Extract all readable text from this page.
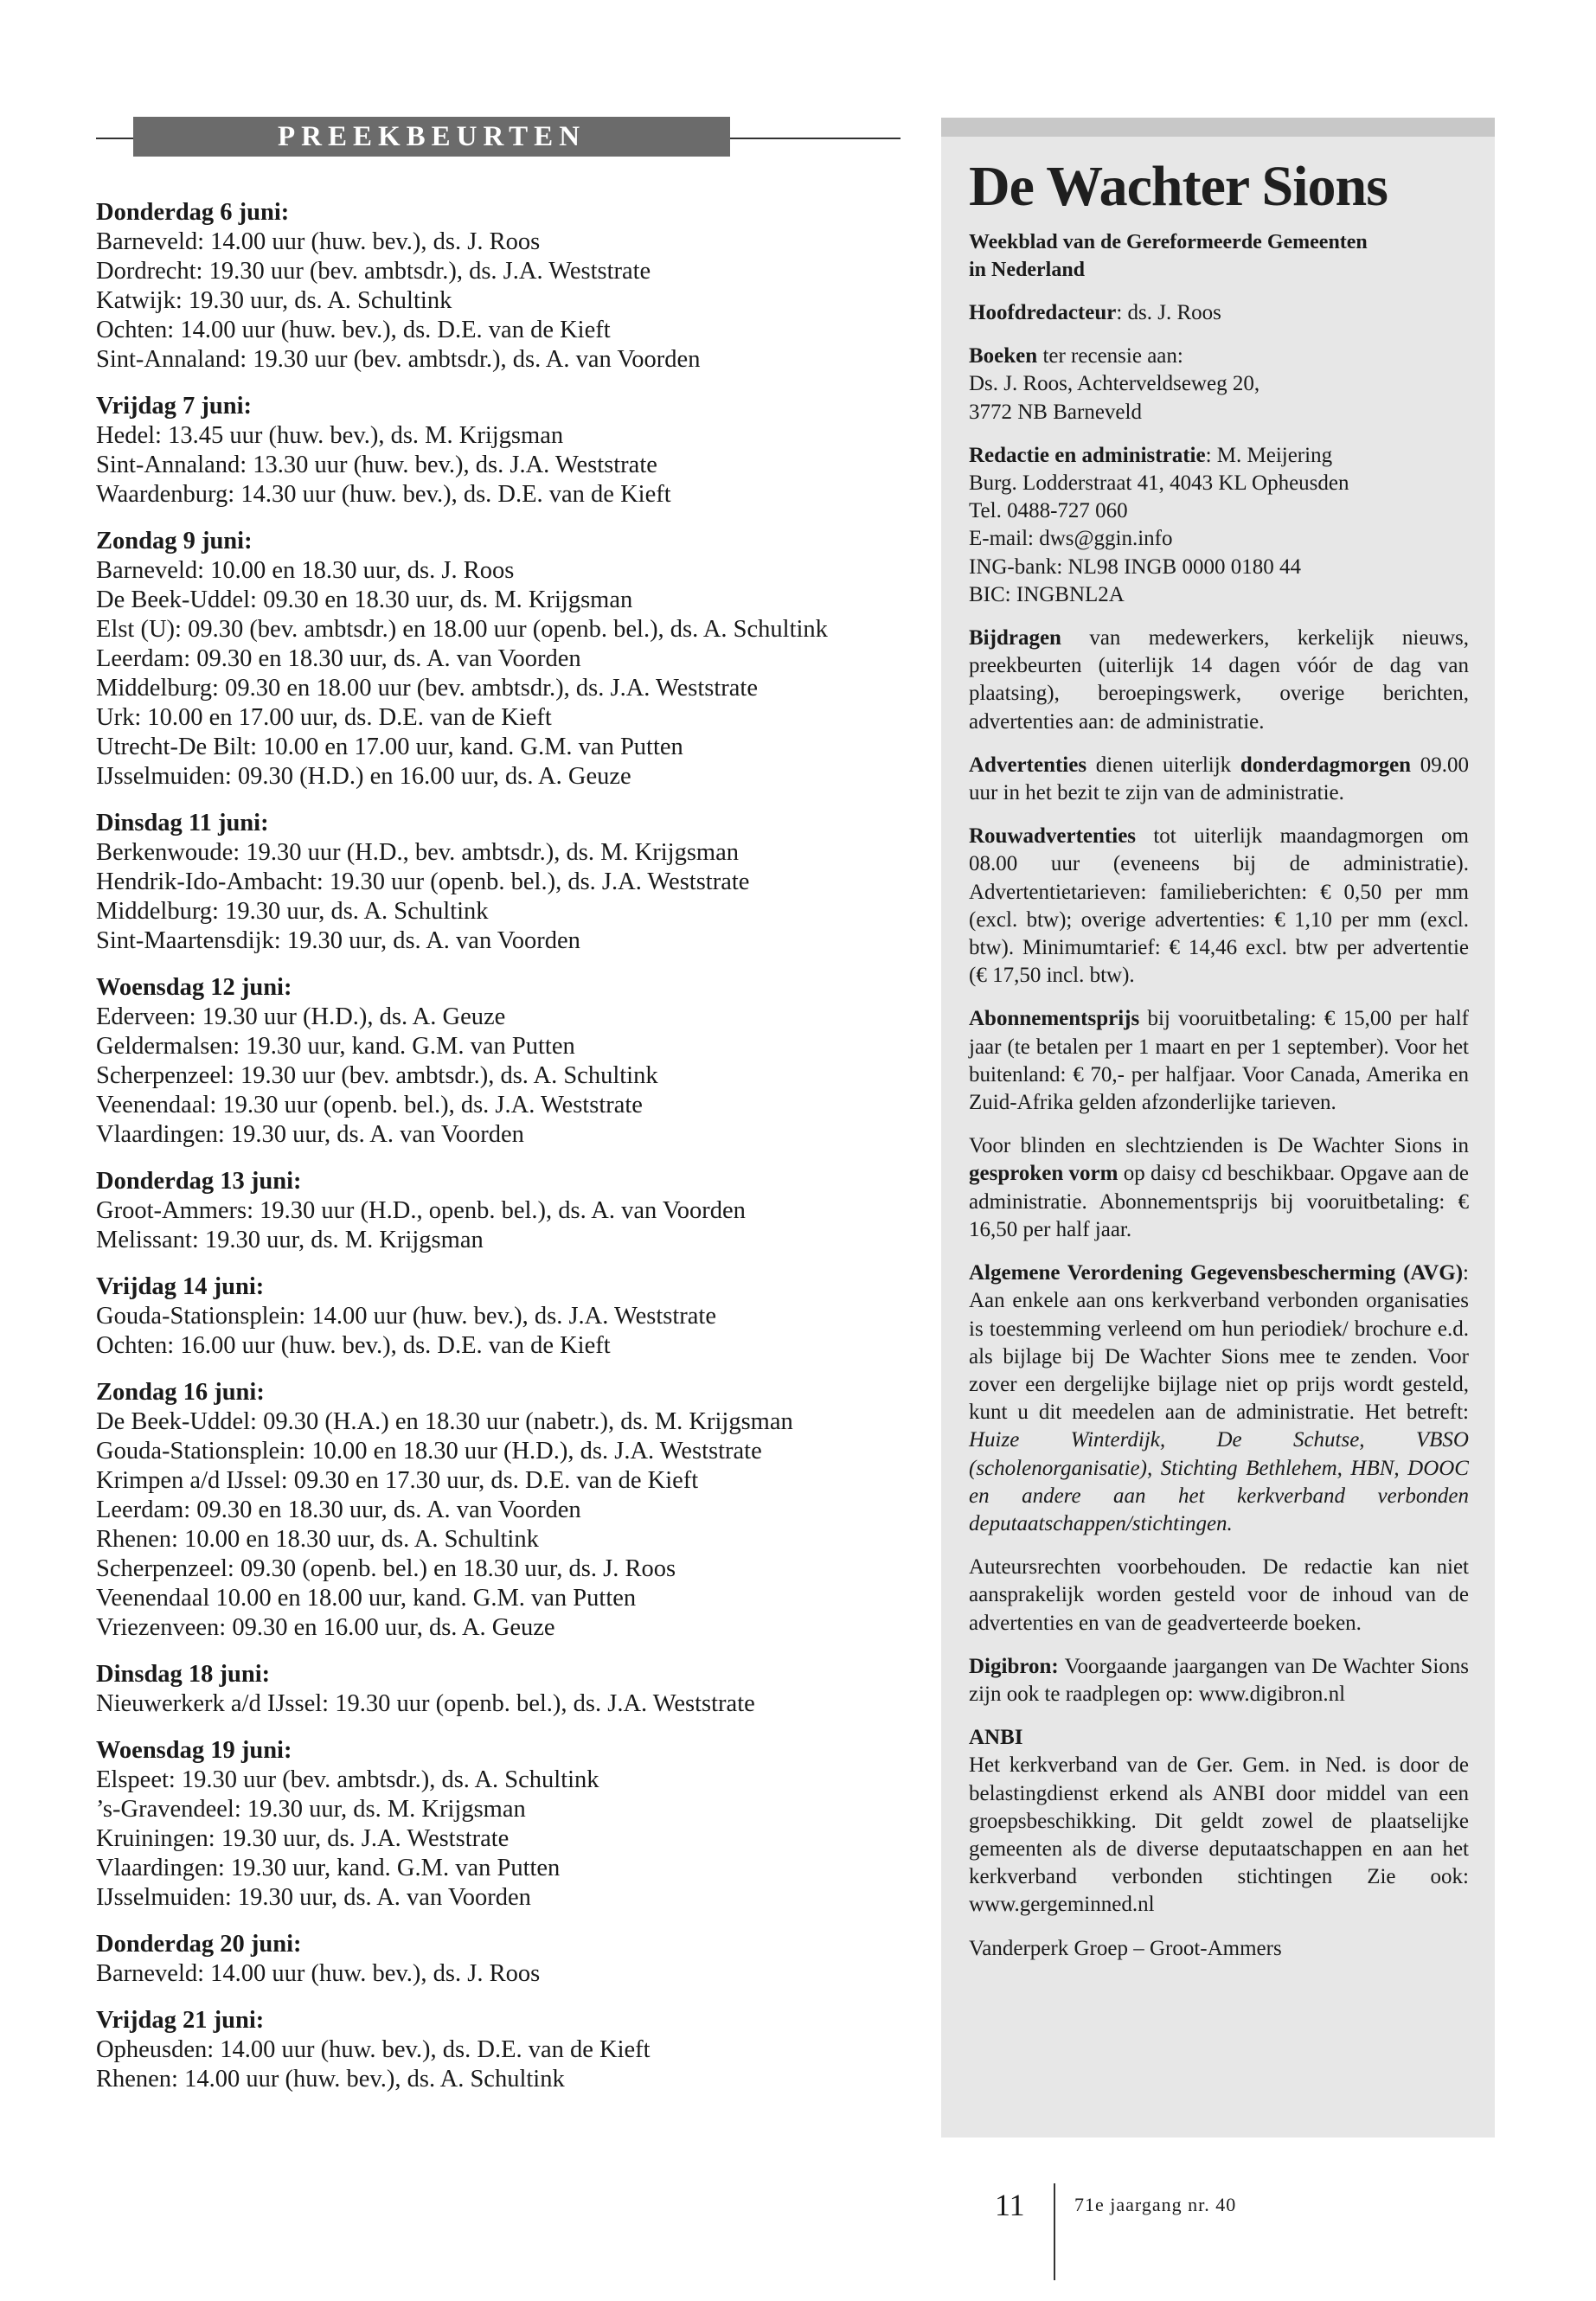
PREEKBEURTEN
Donderdag 6 juni:
Barneveld: 14.00 uur (huw. bev.), ds. J. Roos
Dordrecht: 19.30 uur (bev. ambtsdr.), ds. J.A. Weststrate
Katwijk: 19.30 uur, ds. A. Schultink
Ochten: 14.00 uur (huw. bev.), ds. D.E. van de Kieft
Sint-Annaland: 19.30 uur (bev. ambtsdr.), ds. A. van Voorden
Vrijdag 7 juni:
Hedel: 13.45 uur (huw. bev.), ds. M. Krijgsman
Sint-Annaland: 13.30 uur (huw. bev.), ds. J.A. Weststrate
Waardenburg: 14.30 uur (huw. bev.), ds. D.E. van de Kieft
Zondag 9 juni:
Barneveld: 10.00 en 18.30 uur, ds. J. Roos
De Beek-Uddel: 09.30 en 18.30 uur, ds. M. Krijgsman
Elst (U): 09.30 (bev. ambtsdr.) en 18.00 uur (openb. bel.), ds. A. Schultink
Leerdam: 09.30 en 18.30 uur, ds. A. van Voorden
Middelburg: 09.30 en 18.00 uur (bev. ambtsdr.), ds. J.A. Weststrate
Urk: 10.00 en 17.00 uur, ds. D.E. van de Kieft
Utrecht-De Bilt: 10.00 en 17.00 uur, kand. G.M. van Putten
IJsselmuiden: 09.30 (H.D.) en 16.00 uur, ds. A. Geuze
Dinsdag 11 juni:
Berkenwoude: 19.30 uur (H.D., bev. ambtsdr.), ds. M. Krijgsman
Hendrik-Ido-Ambacht: 19.30 uur (openb. bel.), ds. J.A. Weststrate
Middelburg: 19.30 uur, ds. A. Schultink
Sint-Maartensdijk: 19.30 uur, ds. A. van Voorden
Woensdag 12 juni:
Ederveen: 19.30 uur (H.D.), ds. A. Geuze
Geldermalsen: 19.30 uur, kand. G.M. van Putten
Scherpenzeel: 19.30 uur (bev. ambtsdr.), ds. A. Schultink
Veenendaal: 19.30 uur (openb. bel.), ds. J.A. Weststrate
Vlaardingen: 19.30 uur, ds. A. van Voorden
Donderdag 13 juni:
Groot-Ammers: 19.30 uur (H.D., openb. bel.), ds. A. van Voorden
Melissant: 19.30 uur, ds. M. Krijgsman
Vrijdag 14 juni:
Gouda-Stationsplein: 14.00 uur (huw. bev.), ds. J.A. Weststrate
Ochten: 16.00 uur (huw. bev.), ds. D.E. van de Kieft
Zondag 16 juni:
De Beek-Uddel: 09.30 (H.A.) en 18.30 uur (nabetr.), ds. M. Krijgsman
Gouda-Stationsplein: 10.00 en 18.30 uur (H.D.), ds. J.A. Weststrate
Krimpen a/d IJssel: 09.30 en 17.30 uur, ds. D.E. van de Kieft
Leerdam: 09.30 en 18.30 uur, ds. A. van Voorden
Rhenen: 10.00 en 18.30 uur, ds. A. Schultink
Scherpenzeel: 09.30 (openb. bel.) en 18.30 uur, ds. J. Roos
Veenendaal 10.00 en 18.00 uur, kand. G.M. van Putten
Vriezenveen: 09.30 en 16.00 uur, ds. A. Geuze
Dinsdag 18 juni:
Nieuwerkerk a/d IJssel: 19.30 uur (openb. bel.), ds. J.A. Weststrate
Woensdag 19 juni:
Elspeet: 19.30 uur (bev. ambtsdr.), ds. A. Schultink
’s-Gravendeel: 19.30 uur, ds. M. Krijgsman
Kruiningen: 19.30 uur, ds. J.A. Weststrate
Vlaardingen: 19.30 uur, kand. G.M. van Putten
IJsselmuiden: 19.30 uur, ds. A. van Voorden
Donderdag 20 juni:
Barneveld: 14.00 uur (huw. bev.), ds. J. Roos
Vrijdag 21 juni:
Opheusden: 14.00 uur (huw. bev.), ds. D.E. van de Kieft
Rhenen: 14.00 uur (huw. bev.), ds. A. Schultink
De Wachter Sions
Weekblad van de Gereformeerde Gemeenten
in Nederland
Hoofdredacteur: ds. J. Roos
Boeken ter recensie aan:
Ds. J. Roos, Achterveldseweg 20,
3772 NB Barneveld
Redactie en administratie: M. Meijering
Burg. Lodderstraat 41, 4043 KL Opheusden
Tel. 0488-727 060
E-mail: dws@ggin.info
ING-bank: NL98 INGB 0000 0180 44
BIC: INGBNL2A
Bijdragen van medewerkers, kerkelijk nieuws, preekbeurten (uiterlijk 14 dagen vóór de dag van plaatsing), beroepingswerk, overige berichten, advertenties aan: de administratie.
Advertenties dienen uiterlijk donderdagmorgen 09.00 uur in het bezit te zijn van de administratie.
Rouwadvertenties tot uiterlijk maandagmorgen om 08.00 uur (eveneens bij de administratie). Advertentietarieven: familieberichten: € 0,50 per mm (excl. btw); overige advertenties: € 1,10 per mm (excl. btw). Minimumtarief: € 14,46 excl. btw per advertentie (€ 17,50 incl. btw).
Abonnementsprijs bij vooruitbetaling: € 15,00 per half jaar (te betalen per 1 maart en per 1 september). Voor het buitenland: € 70,- per halfjaar. Voor Canada, Amerika en Zuid-Afrika gelden afzonderlijke tarieven.
Voor blinden en slechtzienden is De Wachter Sions in gesproken vorm op daisy cd beschikbaar. Opgave aan de administratie. Abonnementsprijs bij vooruitbetaling: € 16,50 per half jaar.
Algemene Verordening Gegevensbescherming (AVG): Aan enkele aan ons kerkverband verbonden organisaties is toestemming verleend om hun periodiek/ brochure e.d. als bijlage bij De Wachter Sions mee te zenden. Voor zover een dergelijke bijlage niet op prijs wordt gesteld, kunt u dit meedelen aan de administratie. Het betreft: Huize Winterdijk, De Schutse, VBSO (scholenorganisatie), Stichting Bethlehem, HBN, DOOC en andere aan het kerkverband verbonden deputaatschappen/stichtingen.
Auteursrechten voorbehouden. De redactie kan niet aansprakelijk worden gesteld voor de inhoud van de advertenties en van de geadverteerde boeken.
Digibron: Voorgaande jaargangen van De Wachter Sions zijn ook te raadplegen op: www.digibron.nl
ANBI
Het kerkverband van de Ger. Gem. in Ned. is door de belastingdienst erkend als ANBI door middel van een groepsbeschikking. Dit geldt zowel de plaatselijke gemeenten als de diverse deputaatschappen en aan het kerkverband verbonden stichtingen Zie ook: www.gergeminned.nl
Vanderperk Groep – Groot-Ammers
11	71e jaargang nr. 40
